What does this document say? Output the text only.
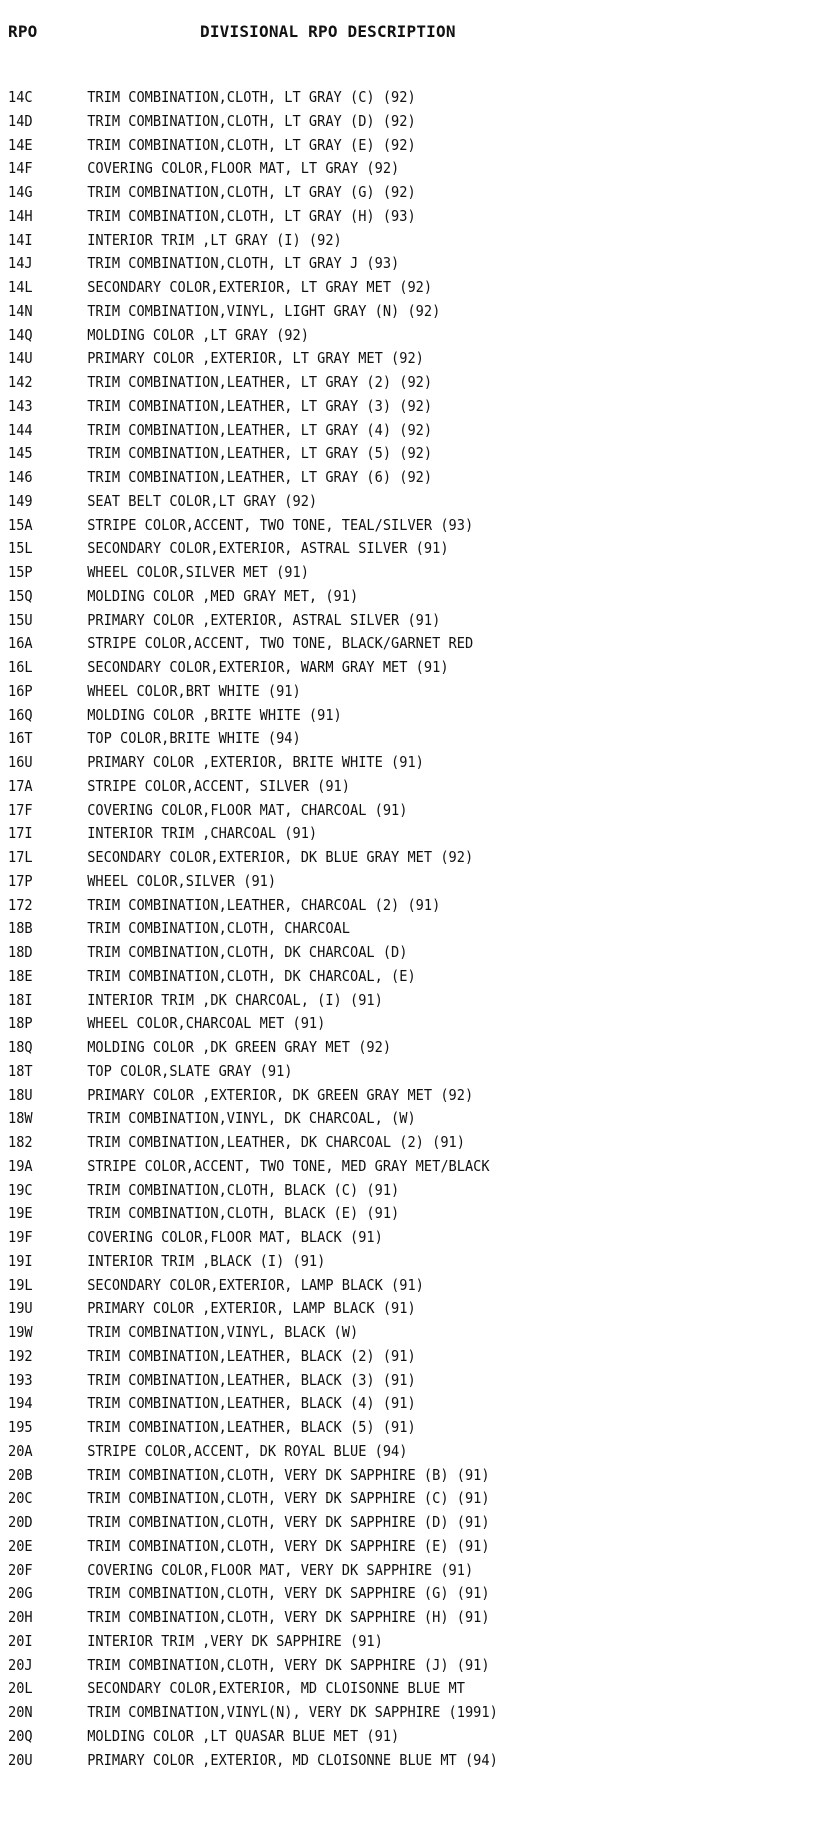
RPO	DIVISIONAL RPO DESCRIPTION
14C	TRIM COMBINATION,CLOTH, LT GRAY (C) (92)
14D	TRIM COMBINATION,CLOTH, LT GRAY (D) (92)
14E	TRIM COMBINATION,CLOTH, LT GRAY (E) (92)
14F	COVERING COLOR,FLOOR MAT, LT GRAY (92)
14G	TRIM COMBINATION,CLOTH, LT GRAY (G) (92)
14H	TRIM COMBINATION,CLOTH, LT GRAY (H) (93)
14I	INTERIOR TRIM ,LT GRAY (I) (92)
14J	TRIM COMBINATION,CLOTH, LT GRAY J (93)
14L	SECONDARY COLOR,EXTERIOR, LT GRAY MET (92)
14N	TRIM COMBINATION,VINYL, LIGHT GRAY (N) (92)
14Q	MOLDING COLOR ,LT GRAY (92)
14U	PRIMARY COLOR ,EXTERIOR, LT GRAY MET (92)
142	TRIM COMBINATION,LEATHER, LT GRAY (2) (92)
143	TRIM COMBINATION,LEATHER, LT GRAY (3) (92)
144	TRIM COMBINATION,LEATHER, LT GRAY (4) (92)
145	TRIM COMBINATION,LEATHER, LT GRAY (5) (92)
146	TRIM COMBINATION,LEATHER, LT GRAY (6) (92)
149	SEAT BELT COLOR,LT GRAY (92)
15A	STRIPE COLOR,ACCENT, TWO TONE, TEAL/SILVER (93)
15L	SECONDARY COLOR,EXTERIOR, ASTRAL SILVER (91)
15P	WHEEL COLOR,SILVER MET (91)
15Q	MOLDING COLOR ,MED GRAY MET, (91)
15U	PRIMARY COLOR ,EXTERIOR, ASTRAL SILVER (91)
16A	STRIPE COLOR,ACCENT, TWO TONE, BLACK/GARNET RED
16L	SECONDARY COLOR,EXTERIOR, WARM GRAY MET (91)
16P	WHEEL COLOR,BRT WHITE (91)
16Q	MOLDING COLOR ,BRITE WHITE (91)
16T	TOP COLOR,BRITE WHITE (94)
16U	PRIMARY COLOR ,EXTERIOR, BRITE WHITE (91)
17A	STRIPE COLOR,ACCENT, SILVER (91)
17F	COVERING COLOR,FLOOR MAT, CHARCOAL (91)
17I	INTERIOR TRIM ,CHARCOAL (91)
17L	SECONDARY COLOR,EXTERIOR, DK BLUE GRAY MET (92)
17P	WHEEL COLOR,SILVER (91)
172	TRIM COMBINATION,LEATHER, CHARCOAL (2) (91)
18B	TRIM COMBINATION,CLOTH, CHARCOAL
18D	TRIM COMBINATION,CLOTH, DK CHARCOAL (D)
18E	TRIM COMBINATION,CLOTH, DK CHARCOAL, (E)
18I	INTERIOR TRIM ,DK CHARCOAL, (I) (91)
18P	WHEEL COLOR,CHARCOAL MET (91)
18Q	MOLDING COLOR ,DK GREEN GRAY MET (92)
18T	TOP COLOR,SLATE GRAY (91)
18U	PRIMARY COLOR ,EXTERIOR, DK GREEN GRAY MET (92)
18W	TRIM COMBINATION,VINYL, DK CHARCOAL, (W)
182	TRIM COMBINATION,LEATHER, DK CHARCOAL (2) (91)
19A	STRIPE COLOR,ACCENT, TWO TONE, MED GRAY MET/BLACK
19C	TRIM COMBINATION,CLOTH, BLACK (C) (91)
19E	TRIM COMBINATION,CLOTH, BLACK (E) (91)
19F	COVERING COLOR,FLOOR MAT, BLACK (91)
19I	INTERIOR TRIM ,BLACK (I) (91)
19L	SECONDARY COLOR,EXTERIOR, LAMP BLACK (91)
19U	PRIMARY COLOR ,EXTERIOR, LAMP BLACK (91)
19W	TRIM COMBINATION,VINYL, BLACK (W)
192	TRIM COMBINATION,LEATHER, BLACK (2) (91)
193	TRIM COMBINATION,LEATHER, BLACK (3) (91)
194	TRIM COMBINATION,LEATHER, BLACK (4) (91)
195	TRIM COMBINATION,LEATHER, BLACK (5) (91)
20A	STRIPE COLOR,ACCENT, DK ROYAL BLUE (94)
20B	TRIM COMBINATION,CLOTH, VERY DK SAPPHIRE (B) (91)
20C	TRIM COMBINATION,CLOTH, VERY DK SAPPHIRE (C) (91)
20D	TRIM COMBINATION,CLOTH, VERY DK SAPPHIRE (D) (91)
20E	TRIM COMBINATION,CLOTH, VERY DK SAPPHIRE (E) (91)
20F	COVERING COLOR,FLOOR MAT, VERY DK SAPPHIRE (91)
20G	TRIM COMBINATION,CLOTH, VERY DK SAPPHIRE (G) (91)
20H	TRIM COMBINATION,CLOTH, VERY DK SAPPHIRE (H) (91)
20I	INTERIOR TRIM ,VERY DK SAPPHIRE (91)
20J	TRIM COMBINATION,CLOTH, VERY DK SAPPHIRE (J) (91)
20L	SECONDARY COLOR,EXTERIOR, MD CLOISONNE BLUE MT
20N	TRIM COMBINATION,VINYL(N), VERY DK SAPPHIRE (1991)
20Q	MOLDING COLOR ,LT QUASAR BLUE MET (91)
20U	PRIMARY COLOR ,EXTERIOR, MD CLOISONNE BLUE MT (94)
